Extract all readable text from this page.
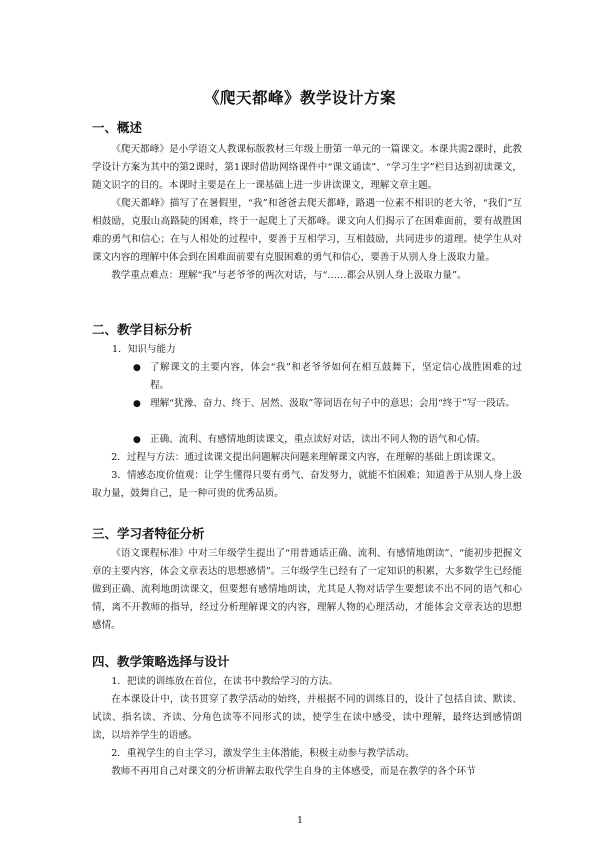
《爬天都峰》教学设计方案
一、概述

《爬天都峰》是小学语文人教课标版教材三年级上册第一单元的一篇课文。本课共需2课时，此教学设计方案为其中的第2课时，第1课时借助网络课件中“课文诵读”、“学习生字”栏目达到初读课文，随文识字的目的。本课时主要是在上一课基础上进一步讲读课文，理解文章主题。

《爬天都峰》描写了在暑假里，“我”和爸爸去爬天都峰，路遇一位素不相识的老大爷，“我们”互相鼓励，克服山高路陡的困难，终于一起爬上了天都峰。课文向人们揭示了在困难面前，要有战胜困难的勇气和信心；在与人相处的过程中，要善于互相学习，互相鼓励，共同进步的道理。使学生从对课文内容的理解中体会到在困难面前要有克服困难的勇气和信心，要善于从别人身上汲取力量。

教学重点难点：理解“我”与老爷爷的两次对话，与“……都会从别人身上汲取力量”。

二、教学目标分析
1．知识与能力
● 了解课文的主要内容，体会“我”和老爷爷如何在相互鼓舞下，坚定信心战胜困难的过程。
● 理解“犹豫、奋力、终于、居然、汲取”等词语在句子中的意思；会用“终于”写一段话。
● 正确、流利、有感情地朗读课文，重点读好对话，读出不同人物的语气和心情。

2．过程与方法：通过读课文提出问题解决问题来理解课文内容，在理解的基础上朗读课文。

3．情感态度价值观：让学生懂得只要有勇气、奋发努力，就能不怕困难；知道善于从别人身上汲取力量，鼓舞自己，是一种可贵的优秀品质。

三、学习者特征分析

《语文课程标准》中对三年级学生提出了“用普通话正确、流利、有感情地朗读”、“能初步把握文章的主要内容，体会文章表达的思想感情”。三年级学生已经有了一定知识的积累，大多数学生已经能做到正确、流利地朗读课文，但要想有感情地朗读，尤其是人物对话学生要想读不出不同的语气和心情，离不开教师的指导，经过分析理解课文的内容，理解人物的心理活动，才能体会文章表达的思想感情。

四、教学策略选择与设计

1．把读的训练放在首位，在读书中教给学习的方法。

在本课设计中，读书贯穿了教学活动的始终，并根据不同的训练目的，设计了包括自读、默读、试读、指名读、齐读、分角色读等不同形式的读，使学生在读中感受，读中理解，最终达到感情朗读，以培养学生的语感。

2．重视学生的自主学习，激发学生主体潜能，积极主动参与教学活动。

教师不再用自己对课文的分析讲解去取代学生自身的主体感受，而是在教学的各个环节

1
